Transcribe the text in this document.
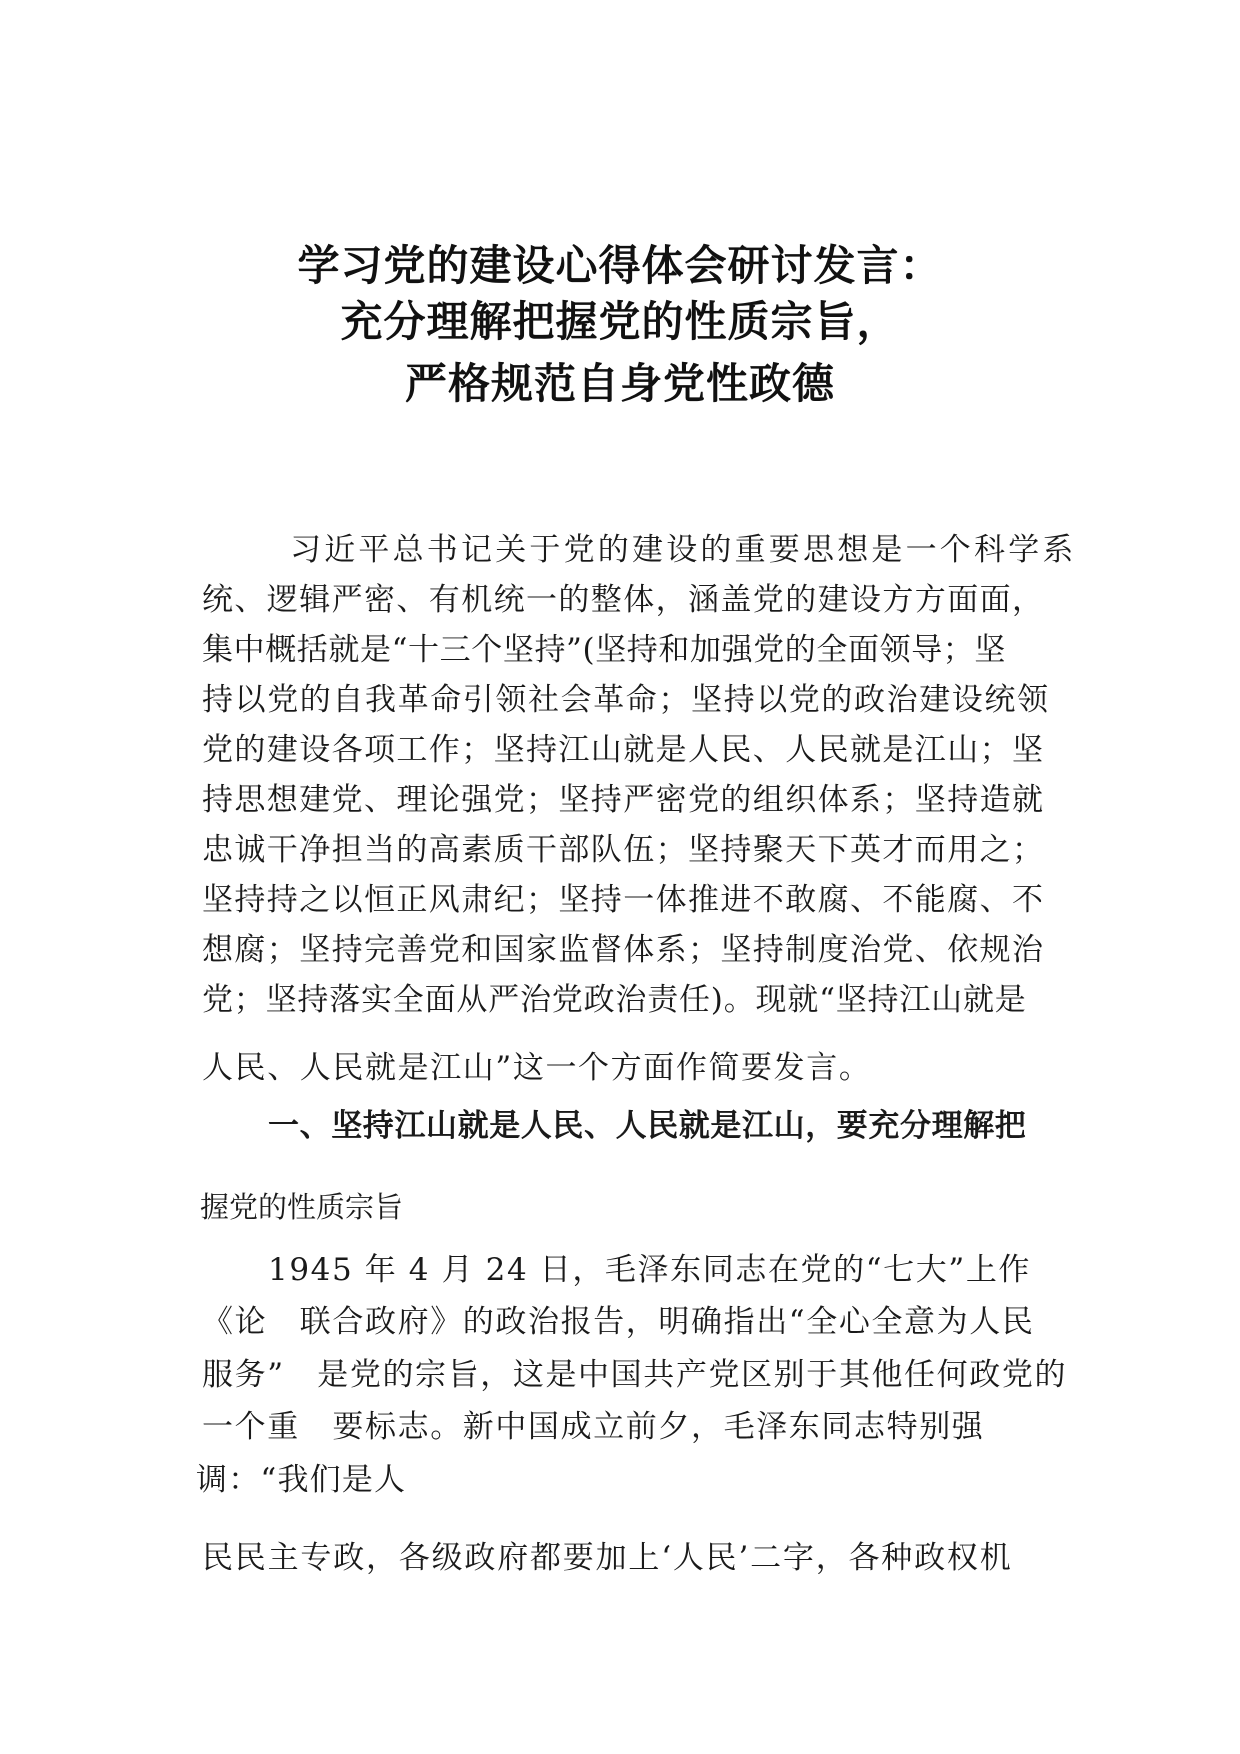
学习党的建设心得体会研讨发言：
充分理解把握党的性质宗旨，
严格规范自身党性政德
习近平总书记关于党的建设的重要思想是一个科学系
统、逻辑严密、有机统一的整体，涵盖党的建设方方面面，
集中概括就是“十三个坚持”(坚持和加强党的全面领导；坚
持以党的自我革命引领社会革命；坚持以党的政治建设统领
党的建设各项工作；坚持江山就是人民、人民就是江山；坚
持思想建党、理论强党；坚持严密党的组织体系；坚持造就
忠诚干净担当的高素质干部队伍；坚持聚天下英才而用之；
坚持持之以恒正风肃纪；坚持一体推进不敢腐、不能腐、不
想腐；坚持完善党和国家监督体系；坚持制度治党、依规治
党；坚持落实全面从严治党政治责任)。现就“坚持江山就是
人民、人民就是江山”这一个方面作简要发言。
一、坚持江山就是人民、人民就是江山，要充分理解把
握党的性质宗旨
1945 年 4 月 24 日，毛泽东同志在党的“七大”上作
《论　联合政府》的政治报告，明确指出“全心全意为人民
服务”　是党的宗旨，这是中国共产党区别于其他任何政党的
一个重　要标志。新中国成立前夕，毛泽东同志特别强
调：“我们是人
民民主专政，各级政府都要加上‘人民’二字，各种政权机
